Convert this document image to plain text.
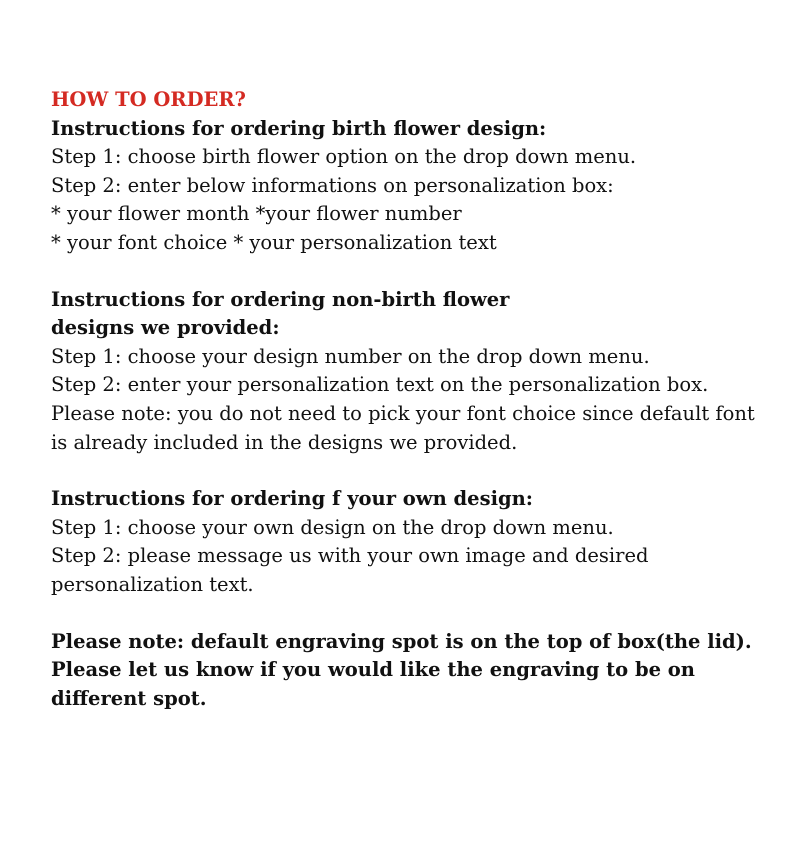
HOW TO ORDER?
Instructions for ordering birth flower design:
Step 1: choose birth flower option on the drop down menu.
Step 2: enter below informations on personalization box:
* your flower month *your flower number
* your font choice * your personalization text
Instructions for ordering non-birth flower
designs we provided:
Step 1: choose your design number on the drop down menu.
Step 2: enter your personalization text on the personalization box.
Please note: you do not need to pick your font choice since default font
is already included in the designs we provided.
Instructions for ordering f your own design:
Step 1: choose your own design on the drop down menu.
Step 2: please message us with your own image and desired
personalization text.
Please note: default engraving spot is on the top of box(the lid).
Please let us know if you would like the engraving to be on
different spot.
